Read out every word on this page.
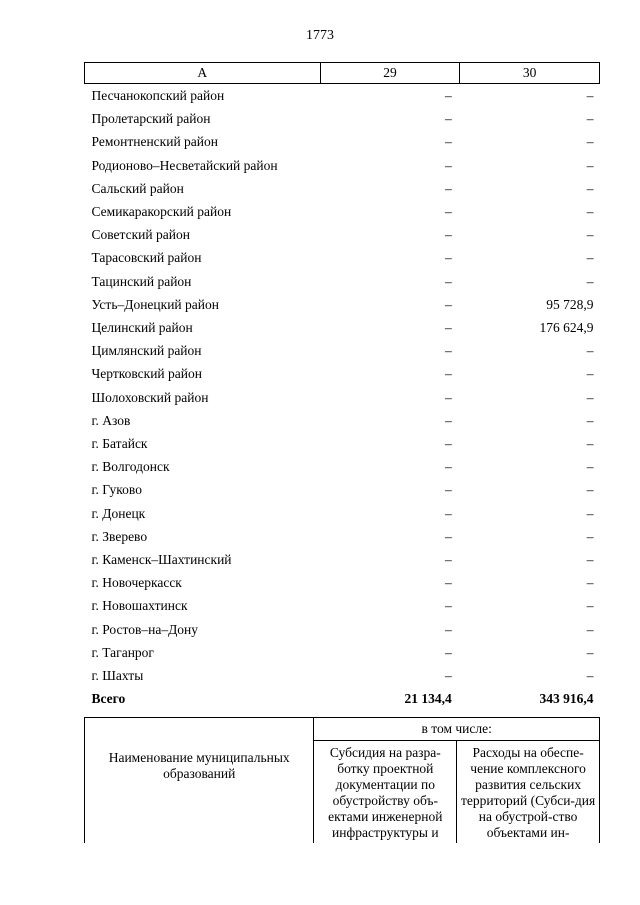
1773
А	29	30
Песчанокопский район	–	–
Пролетарский район	–	–
Ремонтненский район	–	–
Родионово–Несветайский район	–	–
Сальский район	–	–
Семикаракорский район	–	–
Советский район	–	–
Тарасовский район	–	–
Тацинский район	–	–
Усть–Донецкий район	–	95 728,9
Целинский район	–	176 624,9
Цимлянский район	–	–
Чертковский район	–	–
Шолоховский район	–	–
г. Азов	–	–
г. Батайск	–	–
г. Волгодонск	–	–
г. Гуково	–	–
г. Донецк	–	–
г. Зверево	–	–
г. Каменск–Шахтинский	–	–
г. Новочеркасск	–	–
г. Новошахтинск	–	–
г. Ростов–на–Дону	–	–
г. Таганрог	–	–
г. Шахты	–	–
Всего	21 134,4	343 916,4
Наименование муниципальных образований	в том числе:	
	Субсидия на разра-ботку проектной документации по обустройству объ-ектами инженерной инфраструктуры и	Расходы на обеспе-чение комплексного развития сельских территорий (Субси-дия на обустрой-ство объектами ин-
